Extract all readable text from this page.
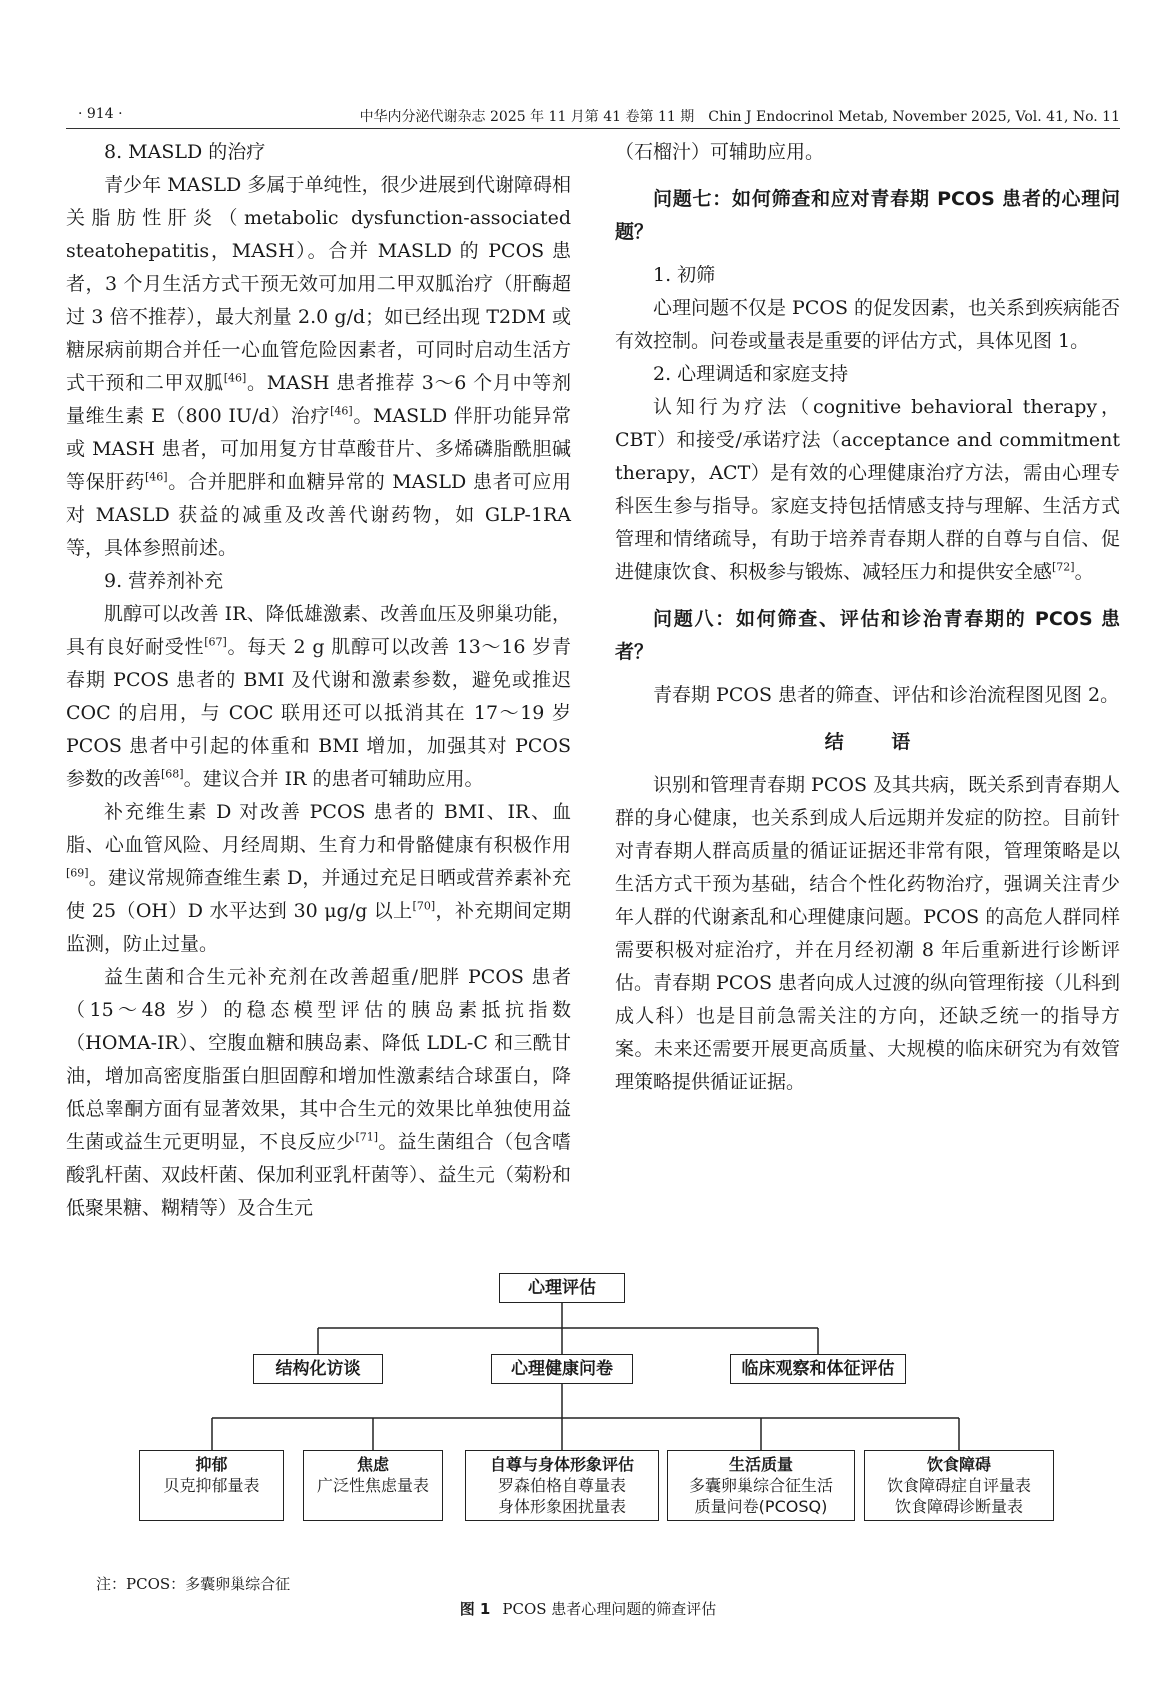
· 914 ·	中华内分泌代谢杂志 2025 年 11 月第 41 卷第 11 期　Chin J Endocrinol Metab, November 2025, Vol. 41, No. 11
8. MASLD 的治疗

青少年 MASLD 多属于单纯性，很少进展到代谢障碍相关脂肪性肝炎（metabolic dysfunction-associated steatohepatitis，MASH）。合并 MASLD 的 PCOS 患者，3 个月生活方式干预无效可加用二甲双胍治疗（肝酶超过 3 倍不推荐），最大剂量 2.0 g/d；如已经出现 T2DM 或糖尿病前期合并任一心血管危险因素者，可同时启动生活方式干预和二甲双胍[46]。MASH 患者推荐 3～6 个月中等剂量维生素 E（800 IU/d）治疗[46]。MASLD 伴肝功能异常或 MASH 患者，可加用复方甘草酸苷片、多烯磷脂酰胆碱等保肝药[46]。合并肥胖和血糖异常的 MASLD 患者可应用对 MASLD 获益的减重及改善代谢药物，如 GLP-1RA 等，具体参照前述。

9. 营养剂补充

肌醇可以改善 IR、降低雄激素、改善血压及卵巢功能，具有良好耐受性[67]。每天 2 g 肌醇可以改善 13～16 岁青春期 PCOS 患者的 BMI 及代谢和激素参数，避免或推迟 COC 的启用，与 COC 联用还可以抵消其在 17～19 岁 PCOS 患者中引起的体重和 BMI 增加，加强其对 PCOS 参数的改善[68]。建议合并 IR 的患者可辅助应用。

补充维生素 D 对改善 PCOS 患者的 BMI、IR、血脂、心血管风险、月经周期、生育力和骨骼健康有积极作用[69]。建议常规筛查维生素 D，并通过充足日晒或营养素补充使 25（OH）D 水平达到 30 μg/g 以上[70]，补充期间定期监测，防止过量。

益生菌和合生元补充剂在改善超重/肥胖 PCOS 患者（15～48 岁）的稳态模型评估的胰岛素抵抗指数（HOMA-IR）、空腹血糖和胰岛素、降低 LDL-C 和三酰甘油，增加高密度脂蛋白胆固醇和增加性激素结合球蛋白，降低总睾酮方面有显著效果，其中合生元的效果比单独使用益生菌或益生元更明显，不良反应少[71]。益生菌组合（包含嗜酸乳杆菌、双歧杆菌、保加利亚乳杆菌等）、益生元（菊粉和低聚果糖、糊精等）及合生元

（石榴汁）可辅助应用。

问题七：如何筛查和应对青春期 PCOS 患者的心理问题？
1. 初筛

心理问题不仅是 PCOS 的促发因素，也关系到疾病能否有效控制。问卷或量表是重要的评估方式，具体见图 1。

2. 心理调适和家庭支持

认知行为疗法（cognitive behavioral therapy，CBT）和接受/承诺疗法（acceptance and commitment therapy，ACT）是有效的心理健康治疗方法，需由心理专科医生参与指导。家庭支持包括情感支持与理解、生活方式管理和情绪疏导，有助于培养青春期人群的自尊与自信、促进健康饮食、积极参与锻炼、减轻压力和提供安全感[72]。

问题八：如何筛查、评估和诊治青春期的 PCOS 患者？

青春期 PCOS 患者的筛查、评估和诊治流程图见图 2。

结语

识别和管理青春期 PCOS 及其共病，既关系到青春期人群的身心健康，也关系到成人后远期并发症的防控。目前针对青春期人群高质量的循证证据还非常有限，管理策略是以生活方式干预为基础，结合个性化药物治疗，强调关注青少年人群的代谢紊乱和心理健康问题。PCOS 的高危人群同样需要积极对症治疗，并在月经初潮 8 年后重新进行诊断评估。青春期 PCOS 患者向成人过渡的纵向管理衔接（儿科到成人科）也是目前急需关注的方向，还缺乏统一的指导方案。未来还需要开展更高质量、大规模的临床研究为有效管理策略提供循证证据。

心理评估
结构化访谈	心理健康问卷	临床观察和体征评估
抑郁
贝克抑郁量表
焦虑
广泛性焦虑量表
自尊与身体形象评估
罗森伯格自尊量表
身体形象困扰量表
生活质量
多囊卵巢综合征生活
质量问卷(PCOSQ)
饮食障碍
饮食障碍症自评量表
饮食障碍诊断量表
注：PCOS：多囊卵巢综合征
图 1 PCOS 患者心理问题的筛查评估
